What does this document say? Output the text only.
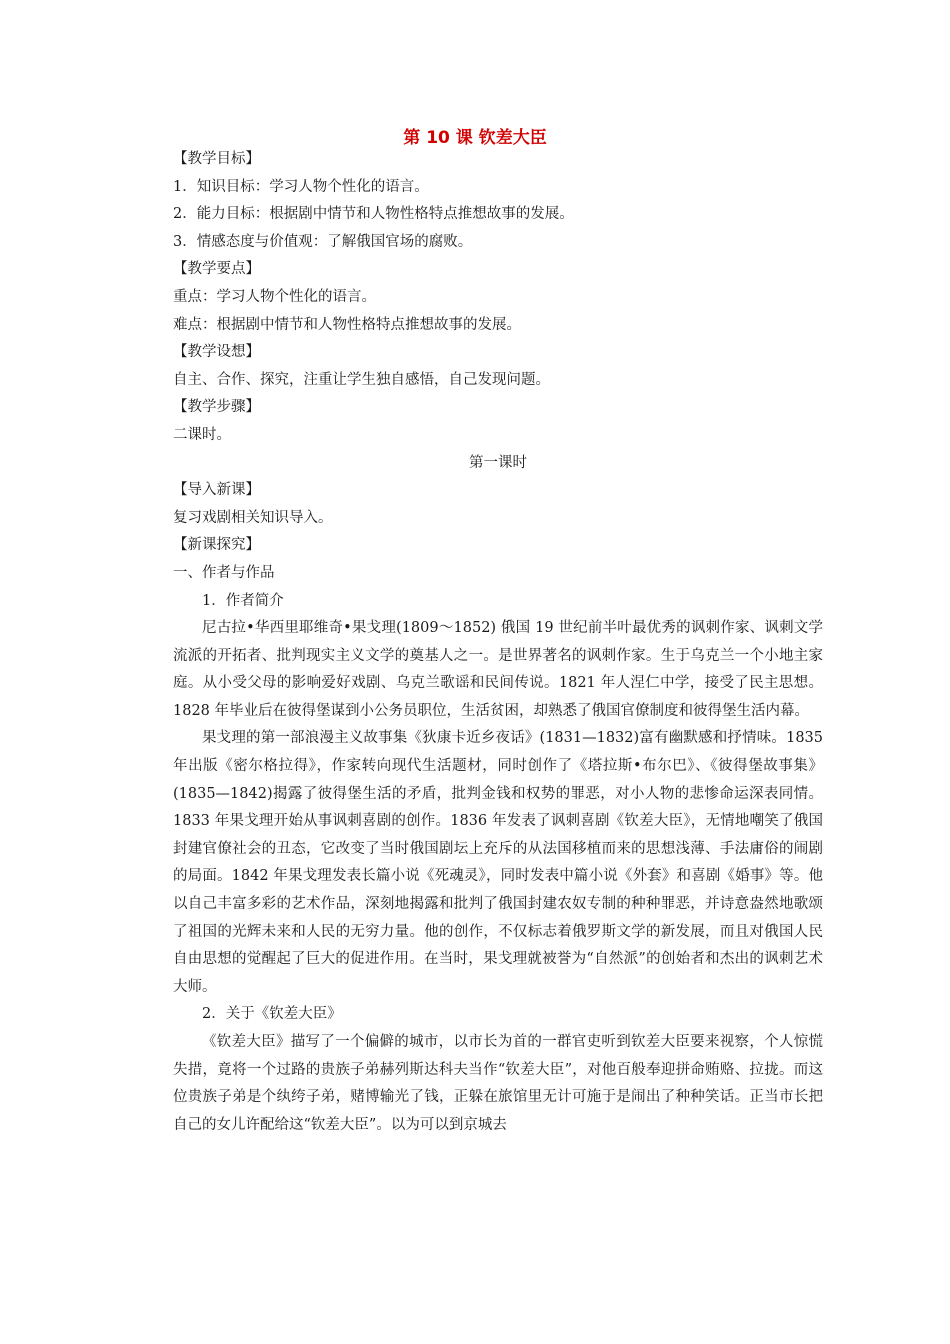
第 10 课 钦差大臣
【教学目标】
1．知识目标：学习人物个性化的语言。
2．能力目标：根据剧中情节和人物性格特点推想故事的发展。
3．情感态度与价值观：了解俄国官场的腐败。
【教学要点】
重点：学习人物个性化的语言。
难点：根据剧中情节和人物性格特点推想故事的发展。
【教学设想】
自主、合作、探究，注重让学生独自感悟，自己发现问题。
【教学步骤】
二课时。
第一课时
【导入新课】
复习戏剧相关知识导入。
【新课探究】
一、作者与作品
1．作者简介
尼古拉•华西里耶维奇•果戈理(1809～1852) 俄国 19 世纪前半叶最优秀的讽刺作家、讽刺文学流派的开拓者、批判现实主义文学的奠基人之一。是世界著名的讽刺作家。生于乌克兰一个小地主家庭。从小受父母的影响爱好戏剧、乌克兰歌谣和民间传说。1821 年人涅仁中学，接受了民主思想。1828 年毕业后在彼得堡谋到小公务员职位，生活贫困，却熟悉了俄国官僚制度和彼得堡生活内幕。
果戈理的第一部浪漫主义故事集《狄康卡近乡夜话》(1831—1832)富有幽默感和抒情味。1835 年出版《密尔格拉得》，作家转向现代生活题材，同时创作了《塔拉斯•布尔巴》、《彼得堡故事集》(1835—1842)揭露了彼得堡生活的矛盾，批判金钱和权势的罪恶，对小人物的悲惨命运深表同情。1833 年果戈理开始从事讽刺喜剧的创作。1836 年发表了讽刺喜剧《钦差大臣》，无情地嘲笑了俄国封建官僚社会的丑态，它改变了当时俄国剧坛上充斥的从法国移植而来的思想浅薄、手法庸俗的闹剧的局面。1842 年果戈理发表长篇小说《死魂灵》，同时发表中篇小说《外套》和喜剧《婚事》等。他以自己丰富多彩的艺术作品，深刻地揭露和批判了俄国封建农奴专制的种种罪恶，并诗意盎然地歌颂了祖国的光辉未来和人民的无穷力量。他的创作，不仅标志着俄罗斯文学的新发展，而且对俄国人民自由思想的觉醒起了巨大的促进作用。在当时，果戈理就被誉为“自然派”的创始者和杰出的讽刺艺术大师。
2．关于《钦差大臣》
《钦差大臣》描写了一个偏僻的城市，以市长为首的一群官吏听到钦差大臣要来视察，个人惊慌失措，竟将一个过路的贵族子弟赫列斯达科夫当作“钦差大臣”，对他百般奉迎拼命贿赂、拉拢。而这位贵族子弟是个纨绔子弟，赌博输光了钱，正躲在旅馆里无计可施于是闹出了种种笑话。正当市长把自己的女儿许配给这“钦差大臣”。以为可以到京城去
